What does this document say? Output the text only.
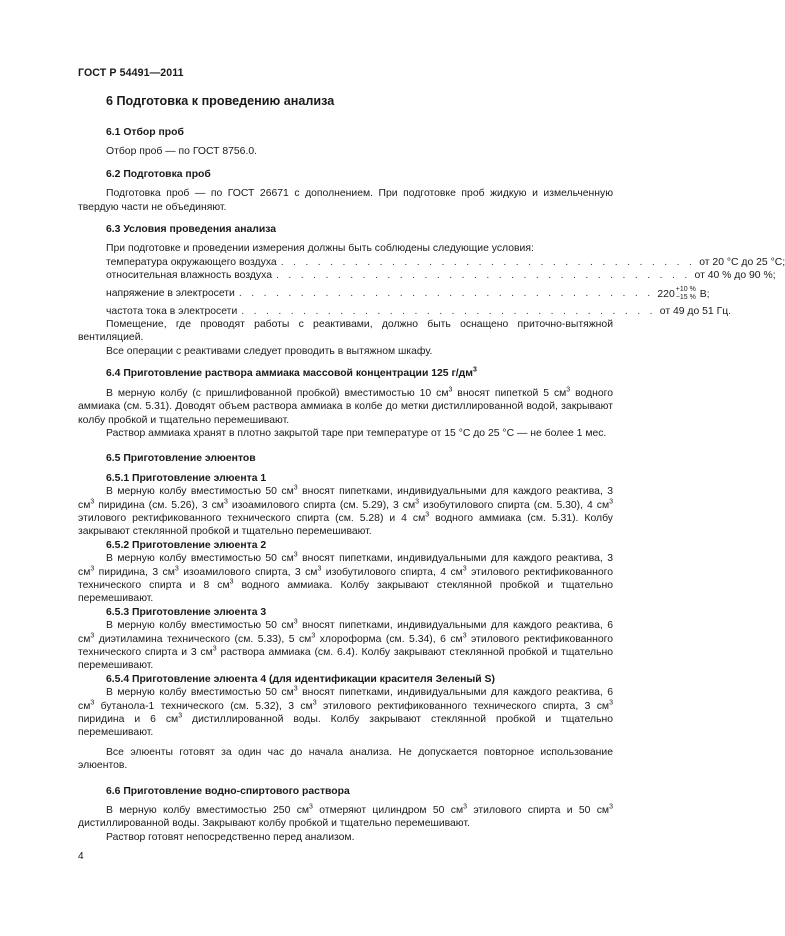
ГОСТ Р 54491—2011
6 Подготовка к проведению анализа
6.1 Отбор проб

Отбор проб — по ГОСТ 8756.0.

6.2 Подготовка проб

Подготовка проб — по ГОСТ 26671 с дополнением. При подготовке проб жидкую и измельченную твердую части не объединяют.

6.3 Условия проведения анализа

При подготовке и проведении измерения должны быть соблюдены следующие условия:

температура окружающего воздуха . . . . . . . . . . . . . . . . . . . . . . . . . . . . . . . . . . от 20 °С до 25 °С;
относительная влажность воздуха . . . . . . . . . . . . . . . . . . . . . . . . . . . . . . . . . . от 40 % до 90 %;
напряжение в электросети . . . . . . . . . . . . . . . . . . . . . . . . . . . . . . . . . . 220 +10 %
−15 % В;
частота тока в электросети . . . . . . . . . . . . . . . . . . . . . . . . . . . . . . . . . . от 49 до 51 Гц.

Помещение, где проводят работы с реактивами, должно быть оснащено приточно-вытяжной вентиляцией.

Все операции с реактивами следует проводить в вытяжном шкафу.

6.4 Приготовление раствора аммиака массовой концентрации 125 $г/дм^3$

В мерную колбу (с пришлифованной пробкой) вместимостью 10 $см^3$ вносят пипеткой 5 $см^3$ водного аммиака (см. 5.31). Доводят объем раствора аммиака в колбе до метки дистиллированной водой, закрывают колбу пробкой и тщательно перемешивают.

Раствор аммиака хранят в плотно закрытой таре при температуре от 15 °С до 25 °С — не более 1 мес.

6.5 Приготовление элюентов
6.5.1 Приготовление элюента 1

В мерную колбу вместимостью 50 $см^3$ вносят пипетками, индивидуальными для каждого реактива, 3 $см^3$ пиридина (см. 5.26), 3 $см^3$ изоамилового спирта (см. 5.29), 3 $см^3$ изобутилового спирта (см. 5.30), 4 $см^3$ этилового ректификованного технического спирта (см. 5.28) и 4 $см^3$ водного аммиака (см. 5.31). Колбу закрывают стеклянной пробкой и тщательно перемешивают.

6.5.2 Приготовление элюента 2

В мерную колбу вместимостью 50 $см^3$ вносят пипетками, индивидуальными для каждого реактива, 3 $см^3$ пиридина, 3 $см^3$ изоамилового спирта, 3 $см^3$ изобутилового спирта, 4 $см^3$ этилового ректификованного технического спирта и 8 $см^3$ водного аммиака. Колбу закрывают стеклянной пробкой и тщательно перемешивают.

6.5.3 Приготовление элюента 3

В мерную колбу вместимостью 50 $см^3$ вносят пипетками, индивидуальными для каждого реактива, 6 $см^3$ диэтиламина технического (см. 5.33), 5 $см^3$ хлороформа (см. 5.34), 6 $см^3$ этилового ректификованного технического спирта и 3 $см^3$ раствора аммиака (см. 6.4). Колбу закрывают стеклянной пробкой и тщательно перемешивают.

6.5.4 Приготовление элюента 4 (для идентификации красителя Зеленый S)

В мерную колбу вместимостью 50 $см^3$ вносят пипетками, индивидуальными для каждого реактива, 6 $см^3$ бутанола-1 технического (см. 5.32), 3 $см^3$ этилового ректификованного технического спирта, 3 $см^3$ пиридина и 6 $см^3$ дистиллированной воды. Колбу закрывают стеклянной пробкой и тщательно перемешивают.

Все элюенты готовят за один час до начала анализа. Не допускается повторное использование элюентов.

6.6 Приготовление водно-спиртового раствора

В мерную колбу вместимостью 250 $см^3$ отмеряют цилиндром 50 $см^3$ этилового спирта и 50 $см^3$ дистиллированной воды. Закрывают колбу пробкой и тщательно перемешивают.

Раствор готовят непосредственно перед анализом.

4
